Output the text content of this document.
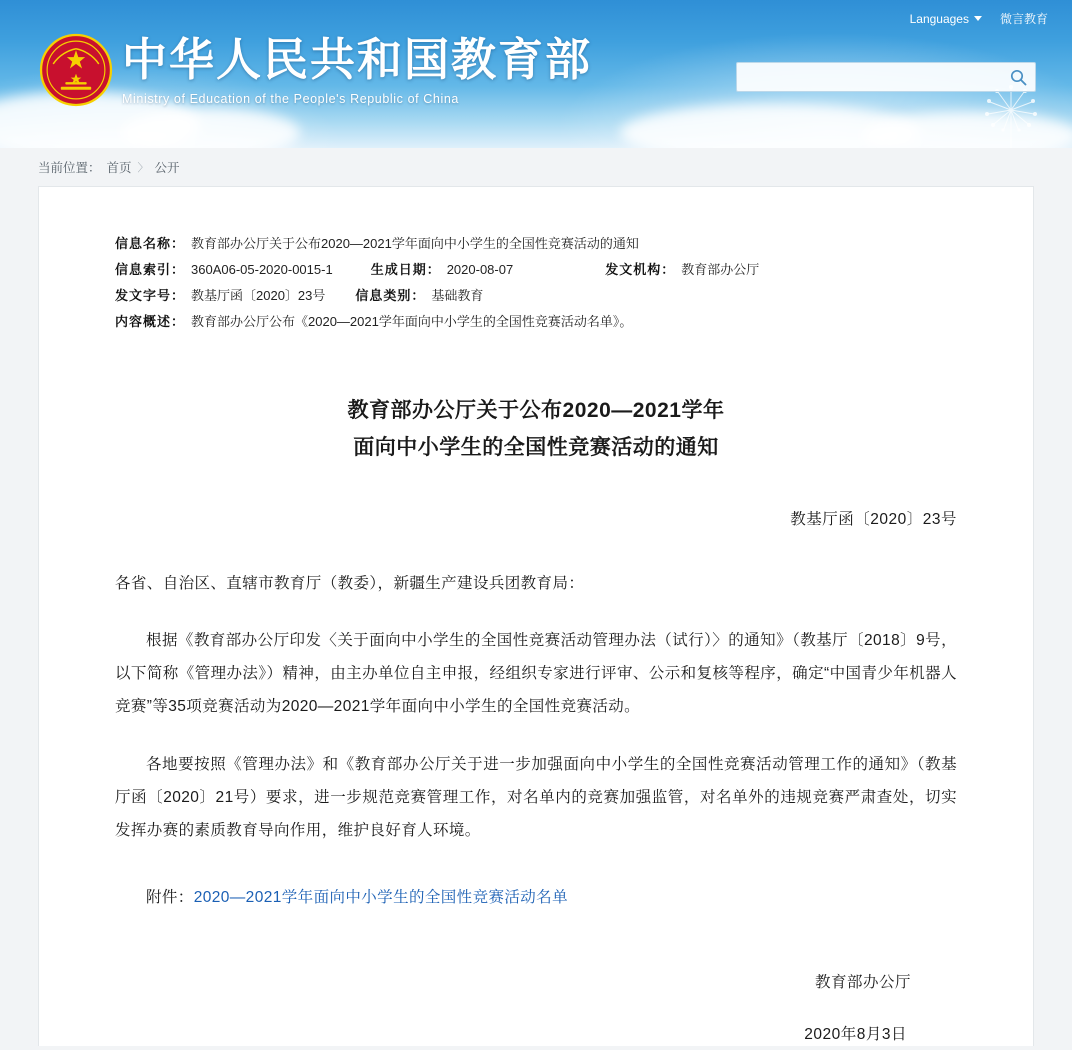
Languages	微言教育
中华人民共和国教育部
Ministry of Education of the People's Republic of China
当前位置： 首页 〉 公开
信息名称： 教育部办公厅关于公布2020—2021学年面向中小学生的全国性竞赛活动的通知
信息索引： 360A06-05-2020-0015-1	生成日期： 2020-08-07	发文机构： 教育部办公厅
发文字号： 教基厅函〔2020〕23号 信息类别： 基础教育
内容概述： 教育部办公厅公布《2020—2021学年面向中小学生的全国性竞赛活动名单》。
教育部办公厅关于公布2020—2021学年
面向中小学生的全国性竞赛活动的通知
教基厅函〔2020〕23号

各省、自治区、直辖市教育厅（教委），新疆生产建设兵团教育局：

根据《教育部办公厅印发〈关于面向中小学生的全国性竞赛活动管理办法（试行）〉的通知》（教基厅〔2018〕9号，以下简称《管理办法》）精神，由主办单位自主申报，经组织专家进行评审、公示和复核等程序，确定“中国青少年机器人竞赛”等35项竞赛活动为2020—2021学年面向中小学生的全国性竞赛活动。

各地要按照《管理办法》和《教育部办公厅关于进一步加强面向中小学生的全国性竞赛活动管理工作的通知》（教基厅函〔2020〕21号）要求，进一步规范竞赛管理工作，对名单内的竞赛加强监管，对名单外的违规竞赛严肃查处，切实发挥办赛的素质教育导向作用，维护良好育人环境。

附件：2020—2021学年面向中小学生的全国性竞赛活动名单

教育部办公厅
2020年8月3日
